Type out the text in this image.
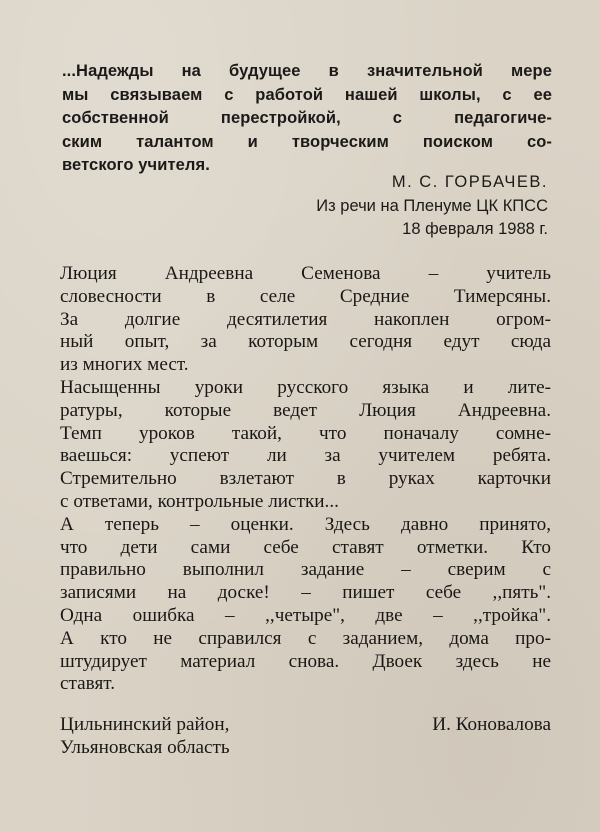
...Надежды на будущее в значительной мере
мы связываем с работой нашей школы, с ее
собственной перестройкой, с педагогиче-
ским талантом и творческим поиском со-
ветского учителя.
М. С. ГОРБАЧЕВ.
Из речи на Пленуме ЦК КПСС
18 февраля 1988 г.
Люция Андреевна Семенова – учитель
словесности в селе Средние Тимерсяны.
За долгие десятилетия накоплен огром-
ный опыт, за которым сегодня едут сюда
из многих мест.
Насыщенны уроки русского языка и лите-
ратуры, которые ведет Люция Андреевна.
Темп уроков такой, что поначалу сомне-
ваешься: успеют ли за учителем ребята.
Стремительно взлетают в руках карточки
с ответами, контрольные листки...
А теперь – оценки. Здесь давно принято,
что дети сами себе ставят отметки. Кто
правильно выполнил задание – сверим с
записями на доске! – пишет себе ,,пять".
Одна ошибка – ,,четыре", две – ,,тройка".
А кто не справился с заданием, дома про-
штудирует материал снова. Двоек здесь не
ставят.
Цильнинский район,
Ульяновская область
И. Коновалова
